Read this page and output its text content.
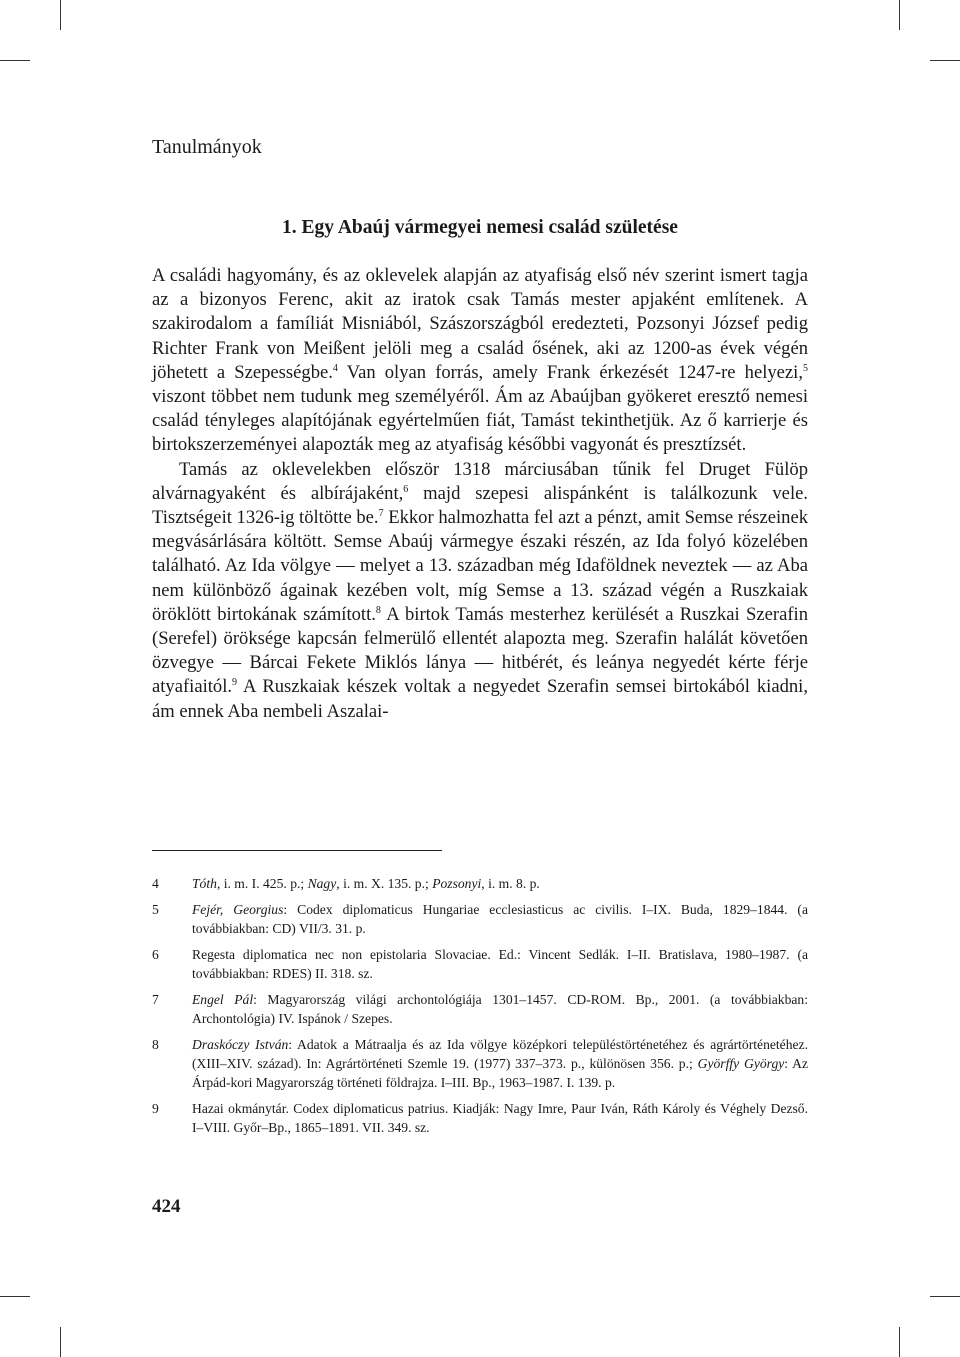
Tanulmányok
1. Egy Abaúj vármegyei nemesi család születése

A családi hagyomány, és az oklevelek alapján az atyafiság első név szerint ismert tagja az a bizonyos Ferenc, akit az iratok csak Tamás mester apjaként említenek. A szakirodalom a famíliát Misniából, Szászországból eredezteti, Pozsonyi József pedig Richter Frank von Meißent jelöli meg a család ősének, aki az 1200-as évek végén jöhetett a Szepességbe.$^4$ Van olyan forrás, amely Frank érkezését 1247-re helyezi,$^5$ viszont többet nem tudunk meg személyéről. Ám az Abaújban gyökeret eresztő nemesi család tényleges alapítójának egyértelműen fiát, Tamást tekinthetjük. Az ő karrierje és birtokszerzeményei alapozták meg az atyafiság későbbi vagyonát és presztízsét.

Tamás az oklevelekben először 1318 márciusában tűnik fel Druget Fülöp alvárnagyaként és albírájaként,$^6$ majd szepesi alispánként is találkozunk vele. Tisztségeit 1326-ig töltötte be.$^7$ Ekkor halmozhatta fel azt a pénzt, amit Semse részeinek megvásárlására költött. Semse Abaúj vármegye északi részén, az Ida folyó közelében található. Az Ida völgye — melyet a 13. században még Idaföldnek neveztek — az Aba nem különböző ágainak kezében volt, míg Semse a 13. század végén a Ruszkaiak öröklött birtokának számított.$^8$ A birtok Tamás mesterhez kerülését a Ruszkai Szerafin (Serefel) öröksége kapcsán felmerülő ellentét alapozta meg. Szerafin halálát követően özvegye — Bárcai Fekete Miklós lánya — hitbérét, és leánya negyedét kérte férje atyafiaitól.$^9$ A Ruszkaiak készek voltak a negyedet Szerafin semsei birtokából kiadni, ám ennek Aba nembeli Aszalai-

4	Tóth, i. m. I. 425. p.; Nagy, i. m. X. 135. p.; Pozsonyi, i. m. 8. p.
5	Fejér, Georgius: Codex diplomaticus Hungariae ecclesiasticus ac civilis. I–IX. Buda, 1829–1844. (a továbbiakban: CD) VII/3. 31. p.
6	Regesta diplomatica nec non epistolaria Slovaciae. Ed.: Vincent Sedlák. I–II. Bratislava, 1980–1987. (a továbbiakban: RDES) II. 318. sz.
7	Engel Pál: Magyarország világi archontológiája 1301–1457. CD-ROM. Bp., 2001. (a továbbiakban: Archontológia) IV. Ispánok / Szepes.
8	Draskóczy István: Adatok a Mátraalja és az Ida völgye középkori településtörténetéhez és agrártörténetéhez. (XIII–XIV. század). In: Agrártörténeti Szemle 19. (1977) 337–373. p., különösen 356. p.; Györffy György: Az Árpád-kori Magyarország történeti földrajza. I–III. Bp., 1963–1987. I. 139. p.
9	Hazai okmánytár. Codex diplomaticus patrius. Kiadják: Nagy Imre, Paur Iván, Ráth Károly és Véghely Dezső. I–VIII. Győr–Bp., 1865–1891. VII. 349. sz.
424
